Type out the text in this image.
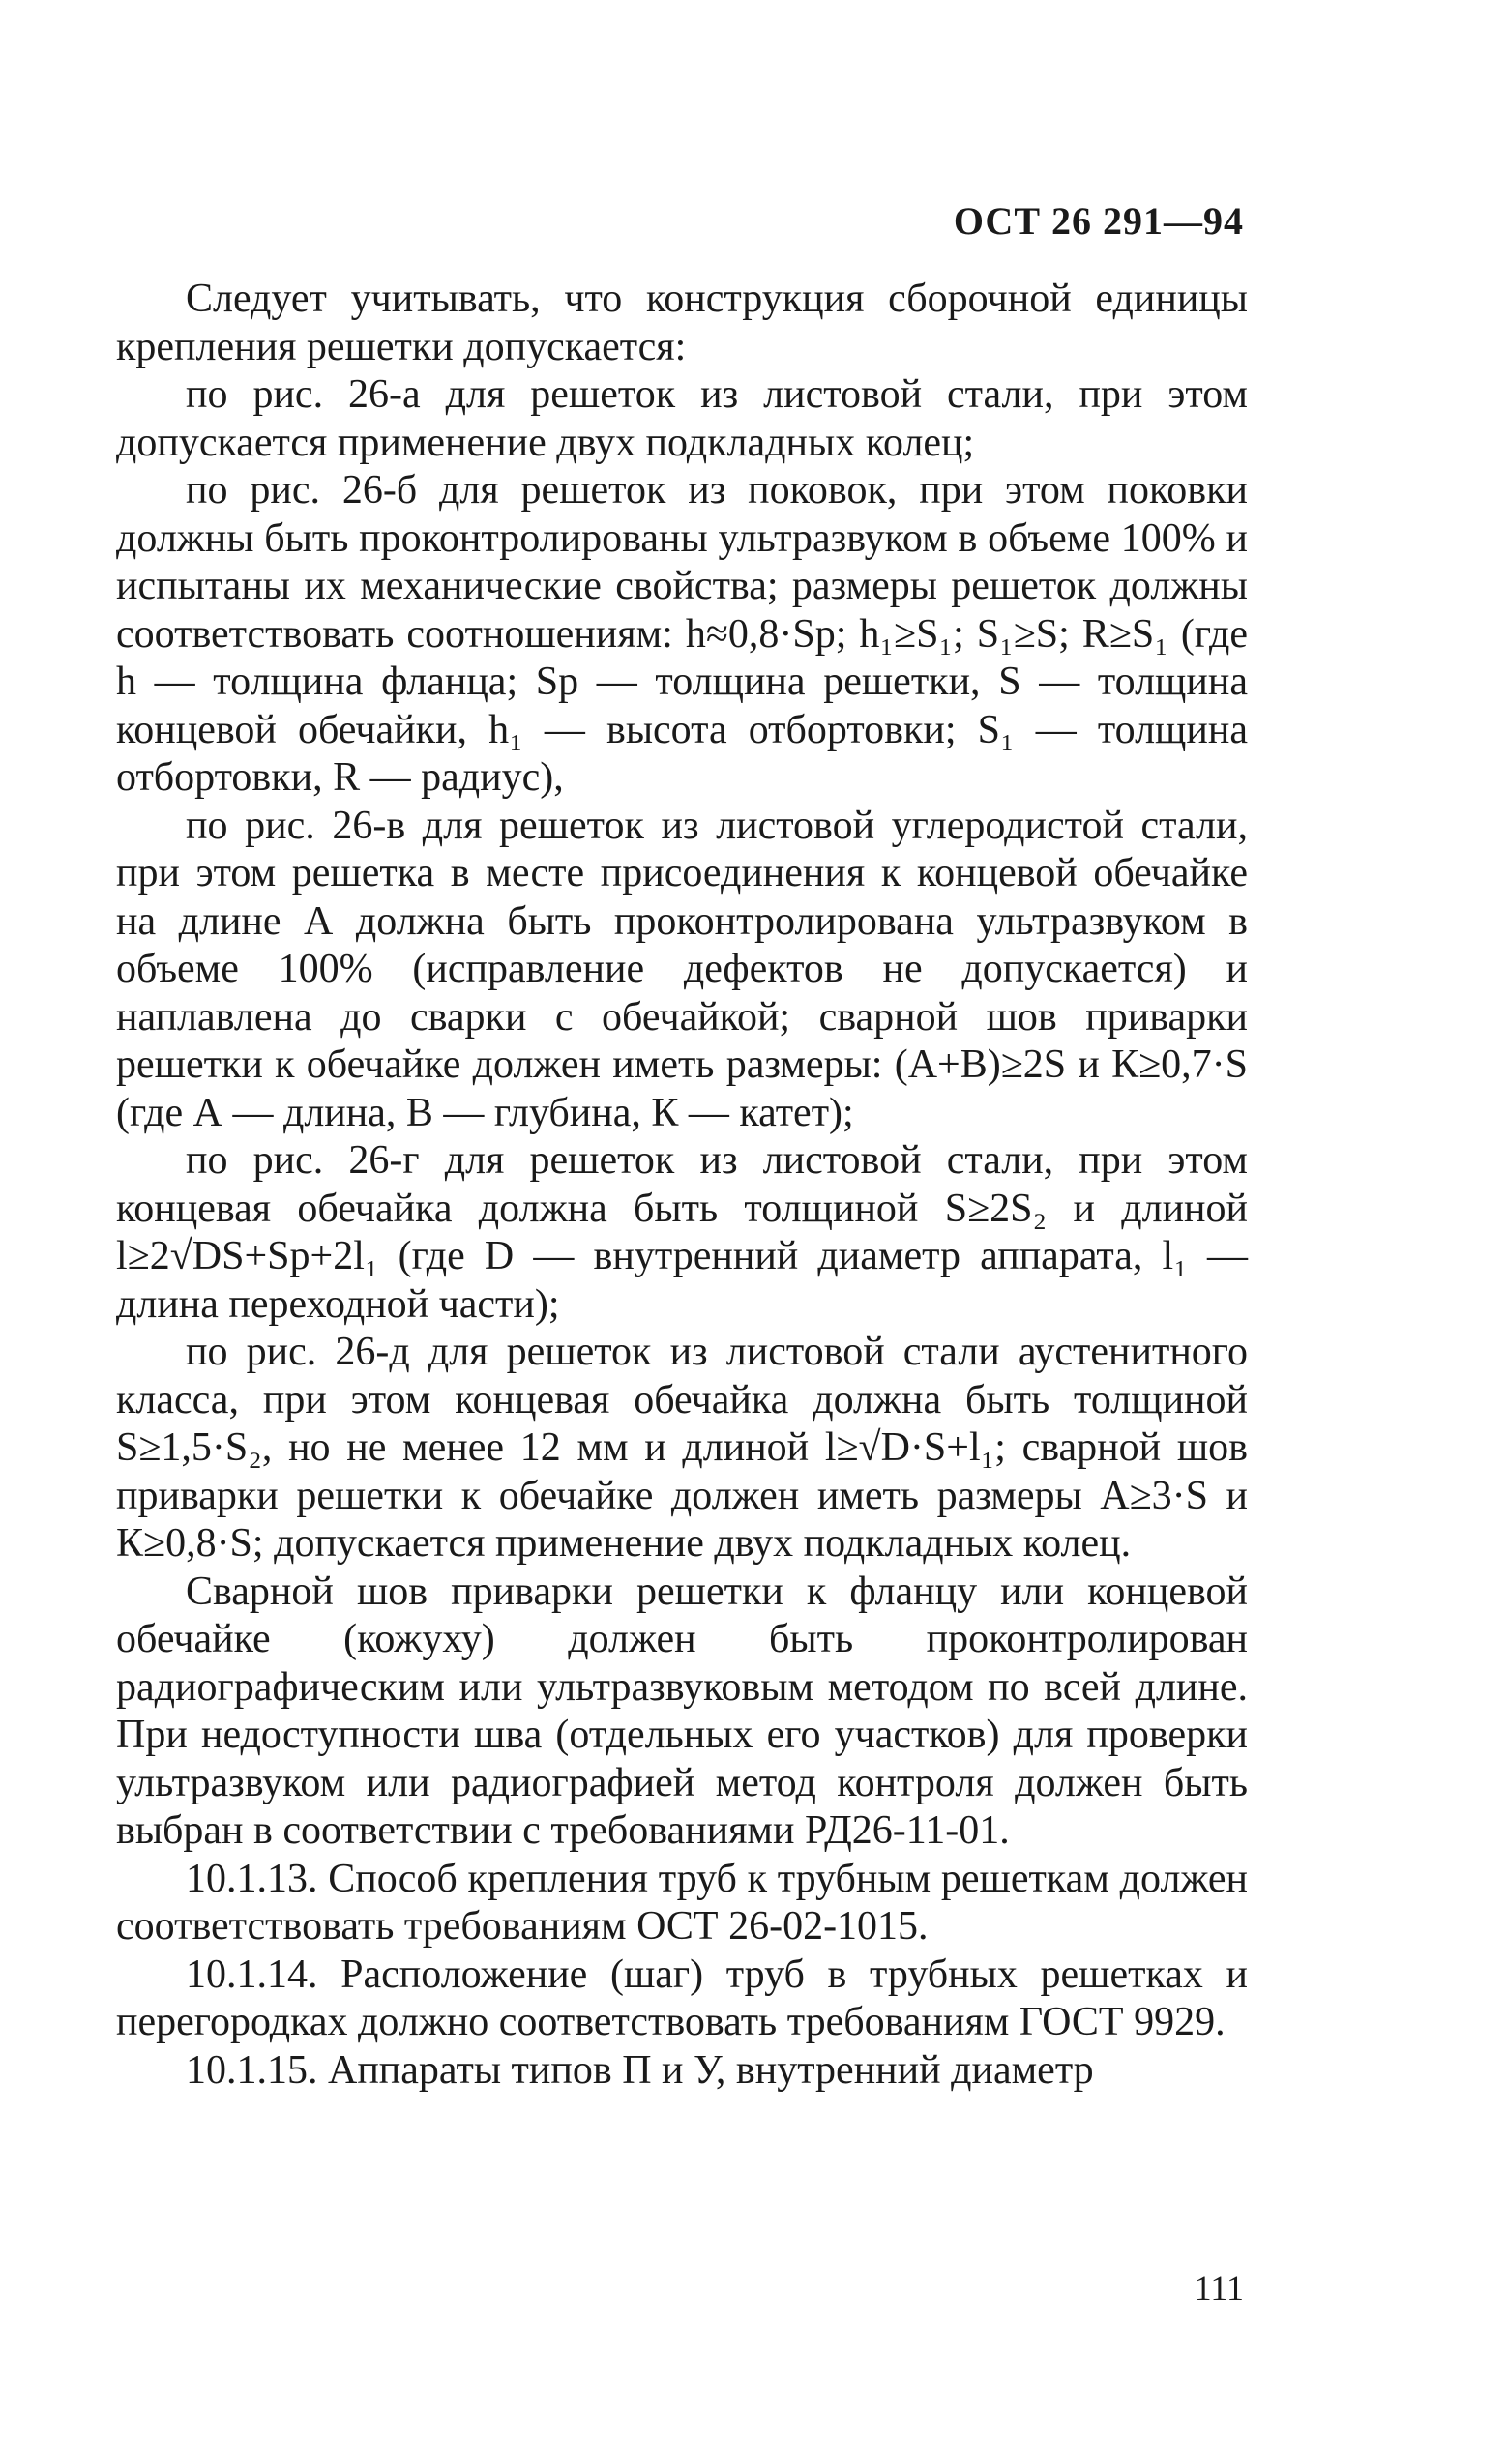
ОСТ 26 291—94

Следует учитывать, что конструкция сборочной единицы крепления решетки допускается:

по рис. 26-а для решеток из листовой стали, при этом допускается применение двух подкладных колец;

по рис. 26-б для решеток из поковок, при этом поковки должны быть проконтролированы ультразвуком в объеме 100% и испытаны их механические свойства; размеры решеток должны соответствовать соотношениям: h≈0,8·Sр; h₁≥S₁; S₁≥S; R≥S₁ (где h — толщина фланца; Sр — толщина решетки, S — толщина концевой обечайки, h₁ — высота отбортовки; S₁ — толщина отбортовки, R — радиус),

по рис. 26-в для решеток из листовой углеродистой стали, при этом решетка в месте присоединения к концевой обечайке на длине А должна быть проконтролирована ультразвуком в объеме 100% (исправление дефектов не допускается) и наплавлена до сварки с обечайкой; сварной шов приварки решетки к обечайке должен иметь размеры: (А+В)≥2S и К≥0,7·S (где А — длина, В — глубина, К — катет);

по рис. 26-г для решеток из листовой стали, при этом концевая обечайка должна быть толщиной S≥2S₂ и длиной l≥2√DS+Sр+2l₁ (где D — внутренний диаметр аппарата, l₁ — длина переходной части);

по рис. 26-д для решеток из листовой стали аустенитного класса, при этом концевая обечайка должна быть толщиной S≥1,5·S₂, но не менее 12 мм и длиной l≥√D·S+l₁; сварной шов приварки решетки к обечайке должен иметь размеры А≥3·S и К≥0,8·S; допускается применение двух подкладных колец.

Сварной шов приварки решетки к фланцу или концевой обечайке (кожуху) должен быть проконтролирован радиографическим или ультразвуковым методом по всей длине. При недоступности шва (отдельных его участков) для проверки ультразвуком или радиографией метод контроля должен быть выбран в соответствии с требованиями РД26-11-01.

10.1.13. Способ крепления труб к трубным решеткам должен соответствовать требованиям ОСТ 26-02-1015.

10.1.14. Расположение (шаг) труб в трубных решетках и перегородках должно соответствовать требованиям ГОСТ 9929.

10.1.15. Аппараты типов П и У, внутренний диаметр

111
